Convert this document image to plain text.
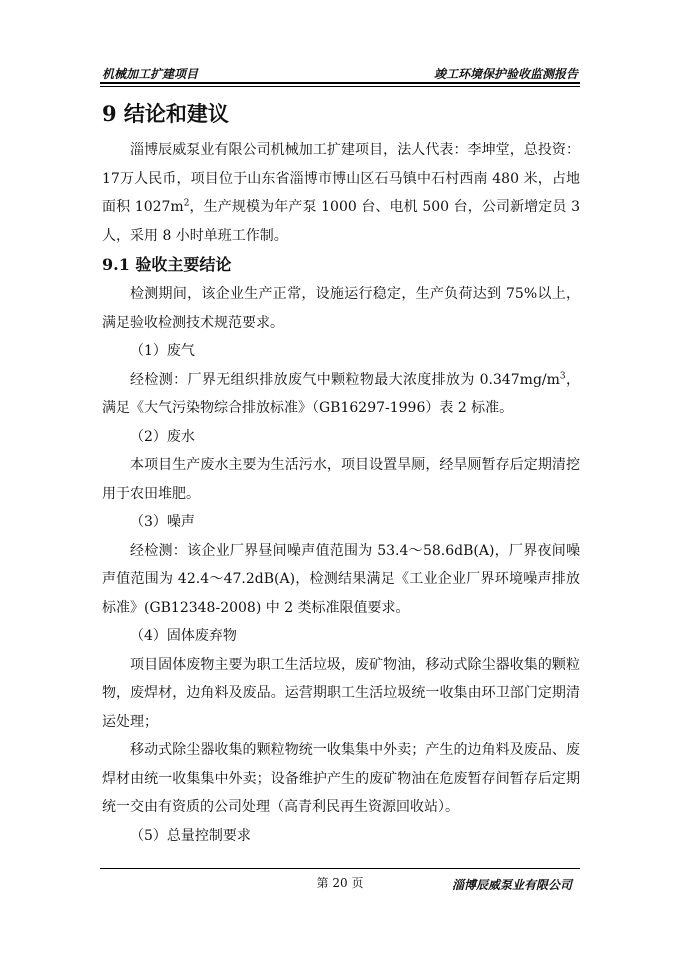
机械加工扩建项目	竣工环境保护验收监测报告
9 结论和建议

淄博辰威泵业有限公司机械加工扩建项目，法人代表：李坤堂，总投资：17万人民币，项目位于山东省淄博市博山区石马镇中石村西南 480 米，占地面积 $1027m^2$，生产规模为年产泵 1000 台、电机 500 台，公司新增定员 3 人，采用 8 小时单班工作制。

9.1 验收主要结论

检测期间，该企业生产正常，设施运行稳定，生产负荷达到 75%以上，满足验收检测技术规范要求。

（1）废气

经检测：厂界无组织排放废气中颗粒物最大浓度排放为 $0.347mg/m^3$，满足《大气污染物综合排放标准》（GB16297-1996）表 2 标准。

（2）废水

本项目生产废水主要为生活污水，项目设置旱厕，经旱厕暂存后定期清挖用于农田堆肥。

（3）噪声

经检测：该企业厂界昼间噪声值范围为 53.4～58.6dB(A)，厂界夜间噪声值范围为 42.4～47.2dB(A)，检测结果满足《工业企业厂界环境噪声排放标准》(GB12348-2008) 中 2 类标准限值要求。

（4）固体废弃物

项目固体废物主要为职工生活垃圾，废矿物油，移动式除尘器收集的颗粒物，废焊材，边角料及废品。运营期职工生活垃圾统一收集由环卫部门定期清运处理；

移动式除尘器收集的颗粒物统一收集集中外卖；产生的边角料及废品、废焊材由统一收集集中外卖；设备维护产生的废矿物油在危废暂存间暂存后定期统一交由有资质的公司处理（高青利民再生资源回收站）。

（5）总量控制要求

第 20 页	淄博辰威泵业有限公司
